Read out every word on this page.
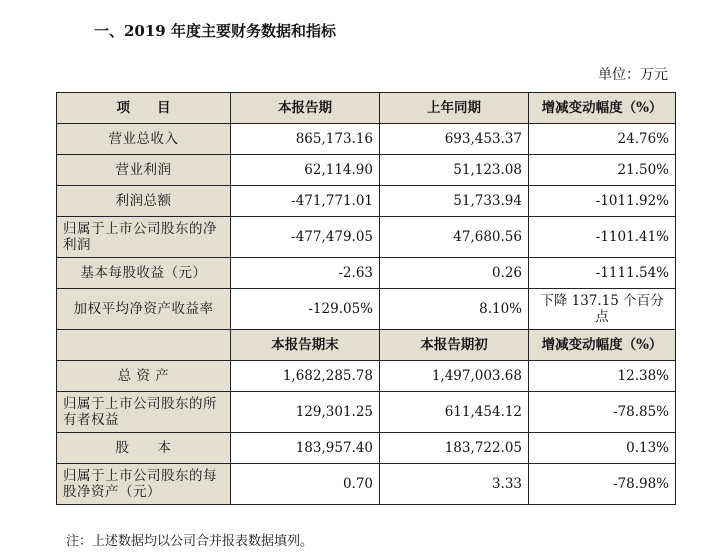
一、2019 年度主要财务数据和指标
单位：万元
项　　目	本报告期	上年同期	增减变动幅度（%）
营业总收入	865,173.16	693,453.37	24.76%
营业利润	62,114.90	51,123.08	21.50%
利润总额	-471,771.01	51,733.94	-1011.92%
归属于上市公司股东的净利润	-477,479.05	47,680.56	-1101.41%
基本每股收益（元）	-2.63	0.26	-1111.54%
加权平均净资产收益率	-129.05%	8.10%	下降 137.15 个百分点
	本报告期末	本报告期初	增减变动幅度（%）
总 资 产	1,682,285.78	1,497,003.68	12.38%
归属于上市公司股东的所有者权益	129,301.25	611,454.12	-78.85%
股　　本	183,957.40	183,722.05	0.13%
归属于上市公司股东的每股净资产（元）	0.70	3.33	-78.98%
注：上述数据均以公司合并报表数据填列。
